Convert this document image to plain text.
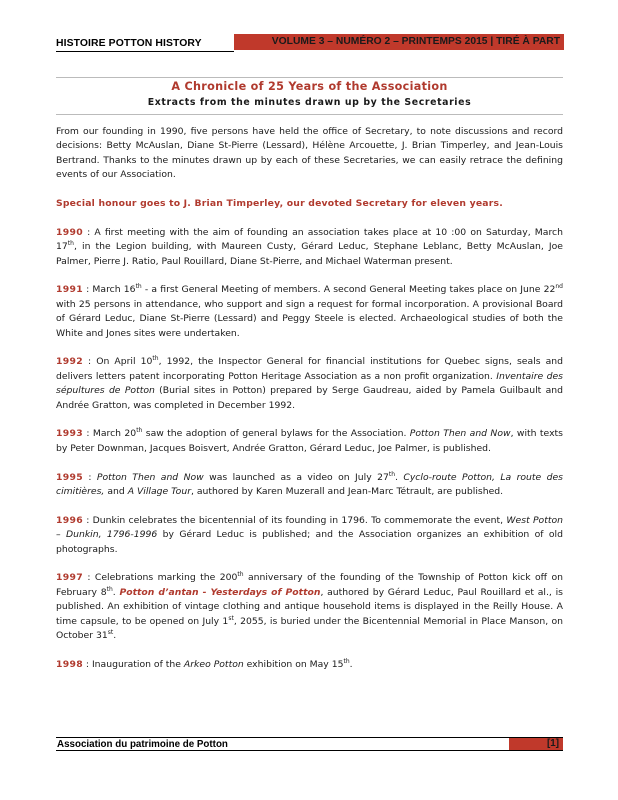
HISTOIRE POTTON HISTORY	VOLUME 3 – NUMÉRO 2 – PRINTEMPS 2015 | TIRÉ À PART
A Chronicle of 25 Years of the Association
Extracts from the minutes drawn up by the Secretaries

From our founding in 1990, five persons have held the office of Secretary, to note discussions and record decisions: Betty McAuslan, Diane St-Pierre (Lessard), Hélène Arcouette, J. Brian Timperley, and Jean-Louis Bertrand. Thanks to the minutes drawn up by each of these Secretaries, we can easily retrace the defining events of our Association.

Special honour goes to J. Brian Timperley, our devoted Secretary for eleven years.

1990 : A first meeting with the aim of founding an association takes place at 10 :00 on Saturday, March 17th, in the Legion building, with Maureen Custy, Gérard Leduc, Stephane Leblanc, Betty McAuslan, Joe Palmer, Pierre J. Ratio, Paul Rouillard, Diane St-Pierre, and Michael Waterman present.

1991 : March 16th - a first General Meeting of members. A second General Meeting takes place on June 22nd with 25 persons in attendance, who support and sign a request for formal incorporation. A provisional Board of Gérard Leduc, Diane St-Pierre (Lessard) and Peggy Steele is elected. Archaeological studies of both the White and Jones sites were undertaken.

1992 : On April 10th, 1992, the Inspector General for financial institutions for Quebec signs, seals and delivers letters patent incorporating Potton Heritage Association as a non profit organization. Inventaire des sépultures de Potton (Burial sites in Potton) prepared by Serge Gaudreau, aided by Pamela Guilbault and Andrée Gratton, was completed in December 1992.

1993 : March 20th saw the adoption of general bylaws for the Association. Potton Then and Now, with texts by Peter Downman, Jacques Boisvert, Andrée Gratton, Gérard Leduc, Joe Palmer, is published.

1995 : Potton Then and Now was launched as a video on July 27th. Cyclo-route Potton, La route des cimitières, and A Village Tour, authored by Karen Muzerall and Jean-Marc Tétrault, are published.

1996 : Dunkin celebrates the bicentennial of its founding in 1796. To commemorate the event, West Potton – Dunkin, 1796-1996 by Gérard Leduc is published; and the Association organizes an exhibition of old photographs.

1997 : Celebrations marking the 200th anniversary of the founding of the Township of Potton kick off on February 8th. Potton d’antan - Yesterdays of Potton, authored by Gérard Leduc, Paul Rouillard et al., is published. An exhibition of vintage clothing and antique household items is displayed in the Reilly House. A time capsule, to be opened on July 1st, 2055, is buried under the Bicentennial Memorial in Place Manson, on October 31st.

1998 : Inauguration of the Arkeo Potton exhibition on May 15th.

Association du patrimoine de Potton	[1]
